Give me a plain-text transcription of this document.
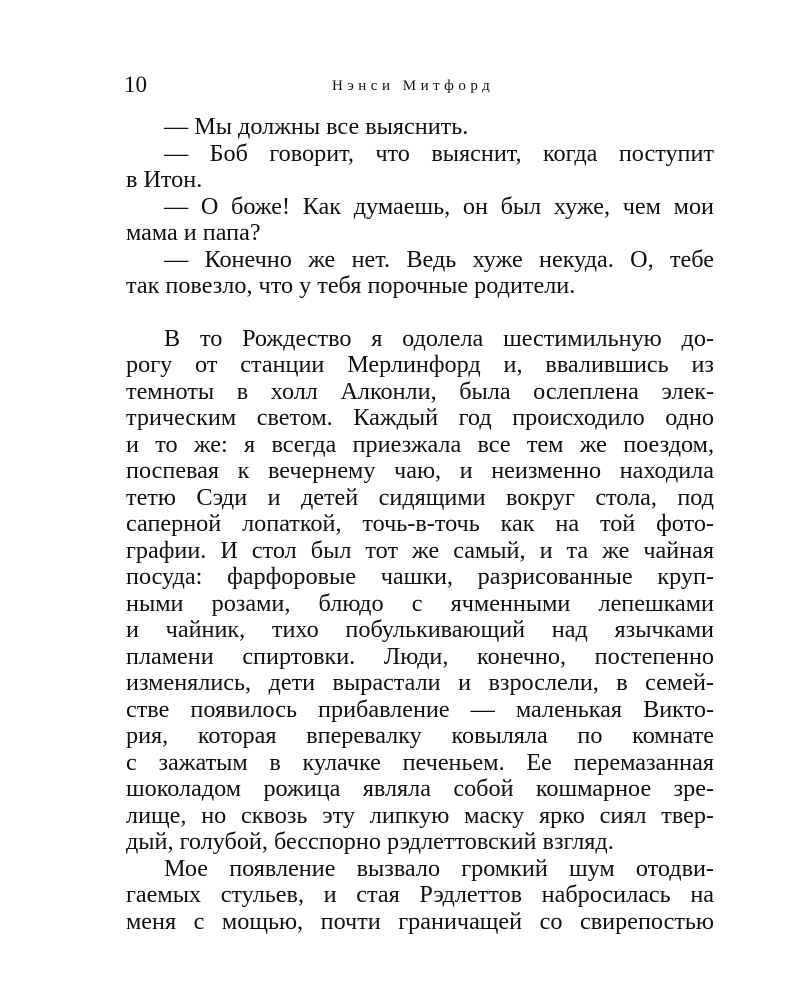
10	Нэнси Митфорд
— Мы должны все выяснить.
— Боб говорит, что выяснит, когда поступит
в Итон.
— О боже! Как думаешь, он был хуже, чем мои
мама и папа?
— Конечно же нет. Ведь хуже некуда. О, тебе
так повезло, что у тебя порочные родители.
В то Рождество я одолела шестимильную до-
рогу от станции Мерлинфорд и, ввалившись из
темноты в холл Алконли, была ослеплена элек-
трическим светом. Каждый год происходило одно
и то же: я всегда приезжала все тем же поездом,
поспевая к вечернему чаю, и неизменно находила
тетю Сэди и детей сидящими вокруг стола, под
саперной лопаткой, точь-в-точь как на той фото-
графии. И стол был тот же самый, и та же чайная
посуда: фарфоровые чашки, разрисованные круп-
ными розами, блюдо с ячменными лепешками
и чайник, тихо побулькивающий над язычками
пламени спиртовки. Люди, конечно, постепенно
изменялись, дети вырастали и взрослели, в семей-
стве появилось прибавление — маленькая Викто-
рия, которая вперевалку ковыляла по комнате
с зажатым в кулачке печеньем. Ее перемазанная
шоколадом рожица являла собой кошмарное зре-
лище, но сквозь эту липкую маску ярко сиял твер-
дый, голубой, бесспорно рэдлеттовский взгляд.
Мое появление вызвало громкий шум отодви-
гаемых стульев, и стая Рэдлеттов набросилась на
меня с мощью, почти граничащей со свирепостью
